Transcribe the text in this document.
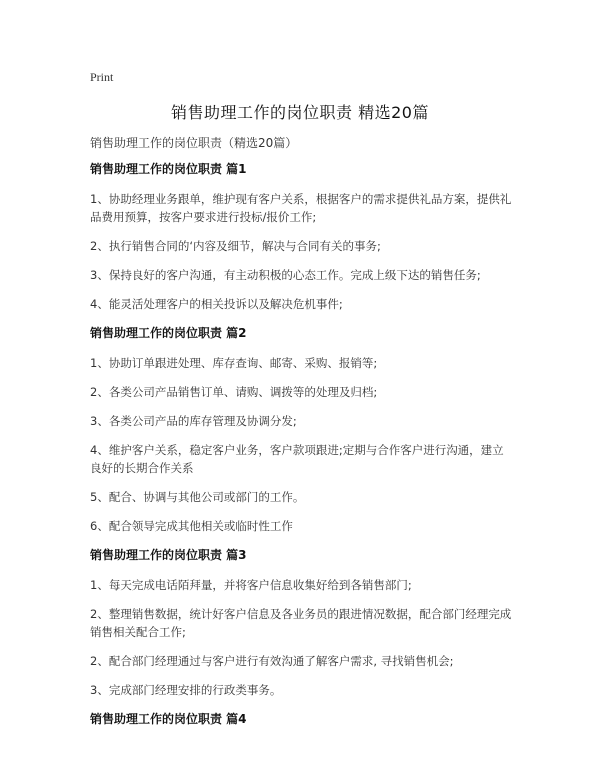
Print
销售助理工作的岗位职责 精选20篇
销售助理工作的岗位职责（精选20篇）
销售助理工作的岗位职责 篇1
1、协助经理业务跟单，维护现有客户关系，根据客户的需求提供礼品方案，提供礼品费用预算，按客户要求进行投标/报价工作;
2、执行销售合同的‘内容及细节，解决与合同有关的事务;
3、保持良好的客户沟通，有主动积极的心态工作。完成上级下达的销售任务;
4、能灵活处理客户的相关投诉以及解决危机事件;
销售助理工作的岗位职责 篇2
1、协助订单跟进处理、库存查询、邮寄、采购、报销等;
2、各类公司产品销售订单、请购、调拨等的处理及归档;
3、各类公司产品的库存管理及协调分发;
4、维护客户关系，稳定客户业务，客户款项跟进;定期与合作客户进行沟通，建立良好的长期合作关系
5、配合、协调与其他公司或部门的工作。
6、配合领导完成其他相关或临时性工作
销售助理工作的岗位职责 篇3
1、每天完成电话陌拜量，并将客户信息收集好给到各销售部门;
2、整理销售数据，统计好客户信息及各业务员的跟进情况数据，配合部门经理完成销售相关配合工作;
2、配合部门经理通过与客户进行有效沟通了解客户需求, 寻找销售机会;
3、完成部门经理安排的行政类事务。
销售助理工作的岗位职责 篇4
